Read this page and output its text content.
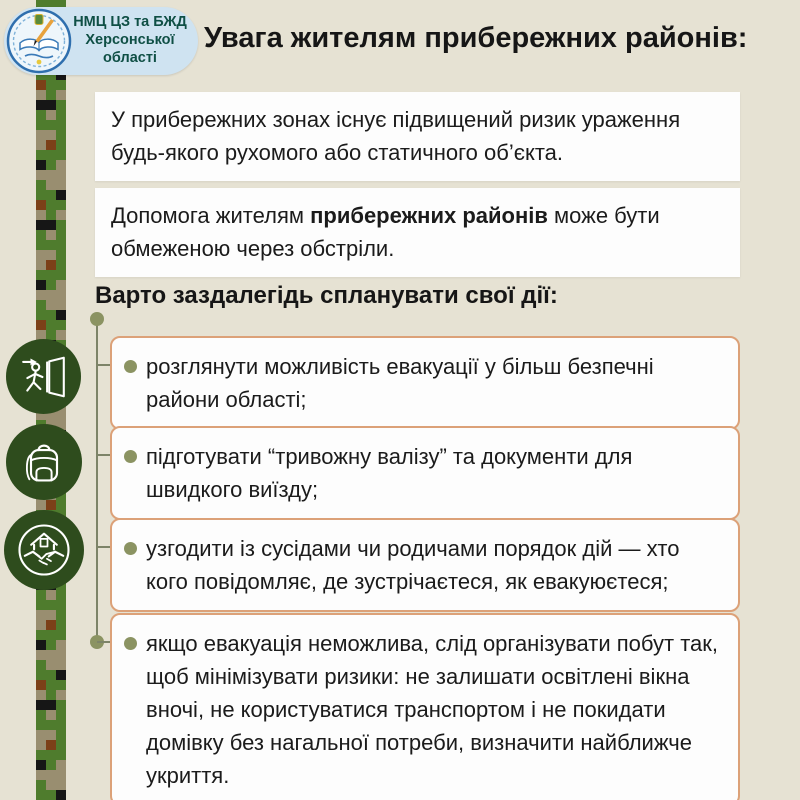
НМЦ ЦЗ та БЖД
Херсонської
області
Увага жителям прибережних районів:
У прибережних зонах існує підвищений ризик ураження будь-якого рухомого або статичного об’єкта.
Допомога жителям прибережних районів може бути обмеженою через обстріли.
Варто заздалегідь спланувати свої дії:
розглянути можливість евакуації у більш безпечні райони області;
підготувати “тривожну валізу” та документи для швидкого виїзду;
узгодити із сусідами чи родичами порядок дій — хто кого повідомляє, де зустрічаєтеся, як евакуюєтеся;
якщо евакуація неможлива, слід організувати побут так, щоб мінімізувати ризики: не залишати освітлені вікна вночі, не користуватися транспортом і не покидати домівку без нагальної потреби, визначити найближче укриття.
